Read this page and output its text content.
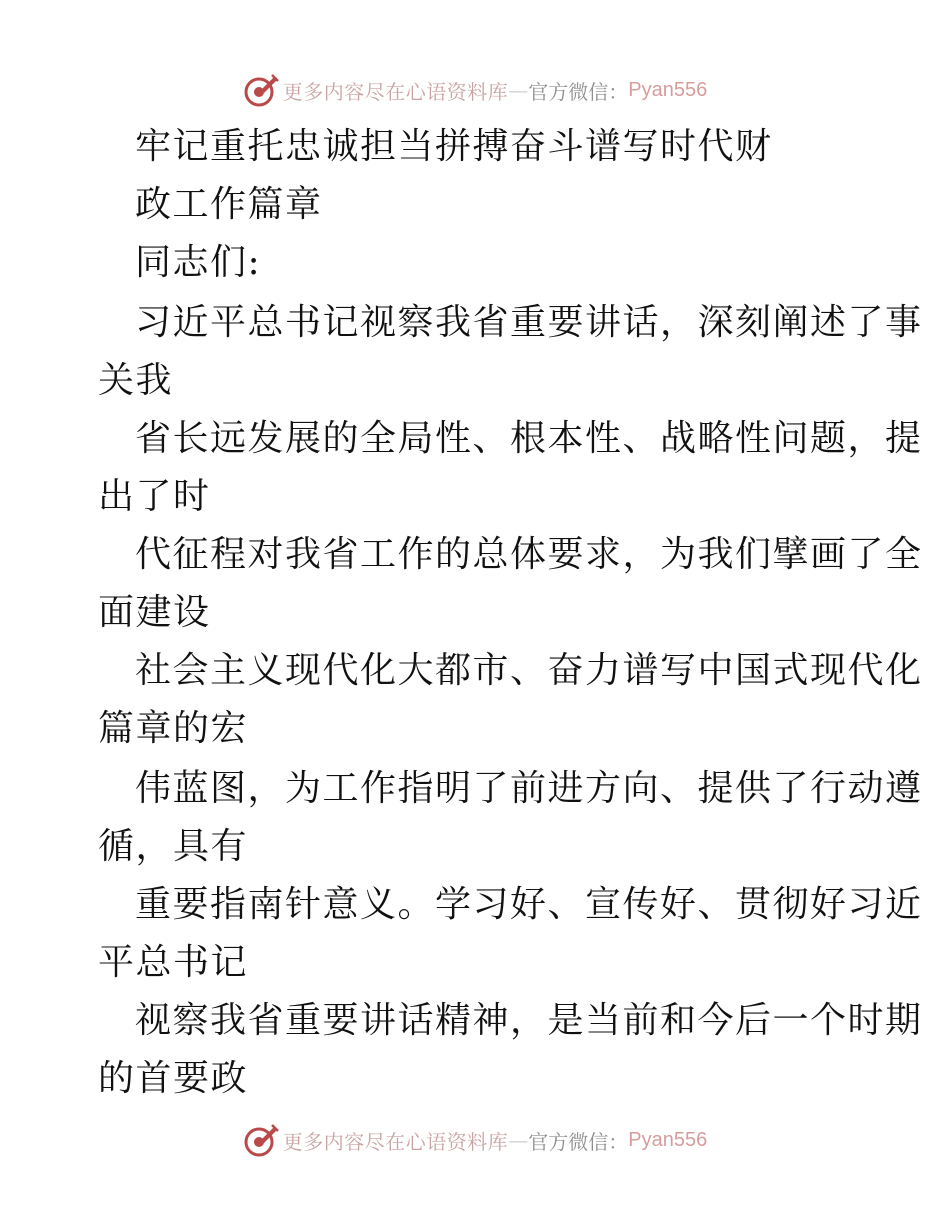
更多内容尽在心语资料库 — 官方微信： Pyan556
牢记重托忠诚担当拼搏奋斗谱写时代财
政工作篇章
同志们:
习近平总书记视察我省重要讲话，深刻阐述了事
关我
省长远发展的全局性、根本性、战略性问题，提
出了时
代征程对我省工作的总体要求，为我们擘画了全
面建设
社会主义现代化大都市、奋力谱写中国式现代化
篇章的宏
伟蓝图，为工作指明了前进方向、提供了行动遵
循，具有
重要指南针意义。学习好、宣传好、贯彻好习近
平总书记
视察我省重要讲话精神，是当前和今后一个时期
的首要政
更多内容尽在心语资料库 — 官方微信： Pyan556
